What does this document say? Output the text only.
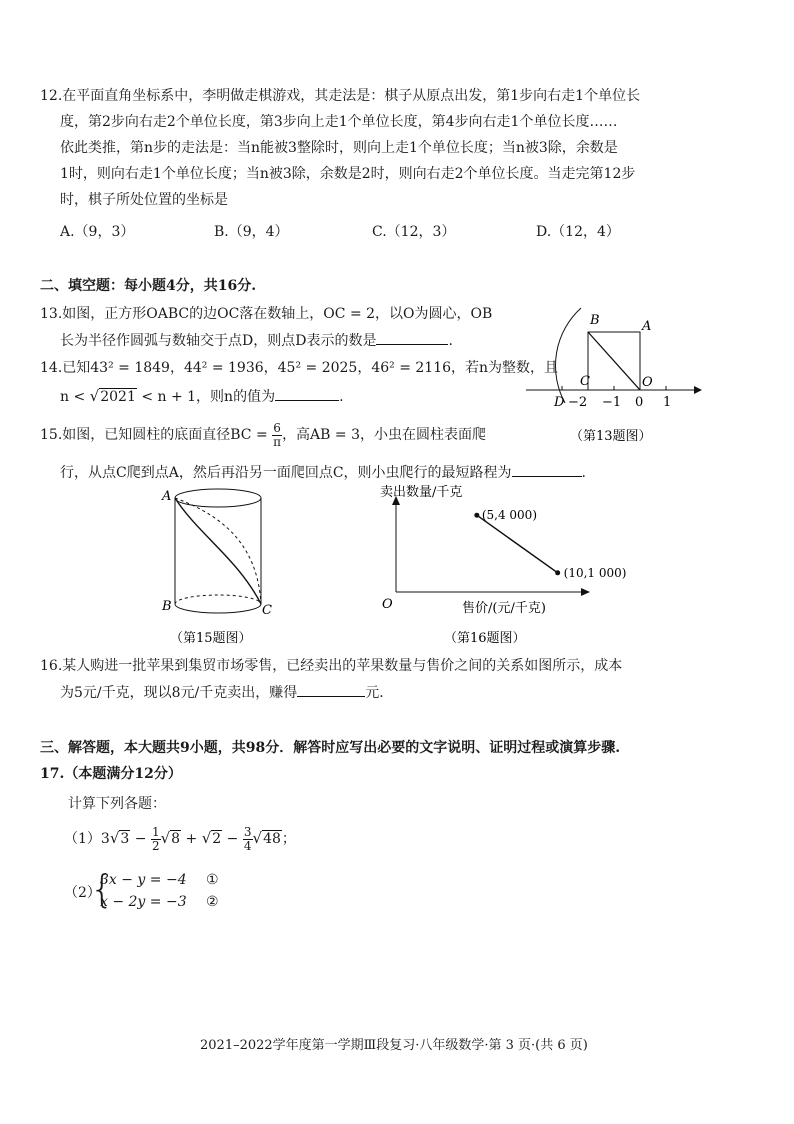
12.在平面直角坐标系中，李明做走棋游戏，其走法是：棋子从原点出发，第1步向右走1个单位长
度，第2步向右走2个单位长度，第3步向上走1个单位长度，第4步向右走1个单位长度……
依此类推，第n步的走法是：当n能被3整除时，则向上走1个单位长度；当n被3除，余数是
1时，则向右走1个单位长度；当n被3除，余数是2时，则向右走2个单位长度。当走完第12步
时，棋子所处位置的坐标是
A.（9，3）	B.（9，4）	C.（12，3）	D.（12，4）
二、填空题：每小题4分，共16分.
13.如图，正方形OABC的边OC落在数轴上，OC = 2，以O为圆心，OB
长为半径作圆弧与数轴交于点D，则点D表示的数是	.
14.已知43² = 1849，44² = 1936，45² = 2025，46² = 2116，若n为整数，且
n < √2021 < n + 1，则n的值为	.
15.如图，已知圆柱的底面直径BC = $\frac{6}{\pi}$ ，高AB = 3，小虫在圆柱表面爬
行，从点C爬到点A，然后再沿另一面爬回点C，则小虫爬行的最短路程为	.
B	A
C	O
D −2 −1 0 1
（第13题图）
A
B	C
（第15题图）
卖出数量/千克
售价/(元/千克)
O
(5,4 000)
(10,1 000)
（第16题图）
16.某人购进一批苹果到集贸市场零售，已经卖出的苹果数量与售价之间的关系如图所示，成本
为5元/千克，现以8元/千克卖出，赚得	元.
三、解答题，本大题共9小题，共98分．解答时应写出必要的文字说明、证明过程或演算步骤.
17.（本题满分12分）
计算下列各题：
$(1)3√3 - \frac{1}{2} √8 + √2 - \frac{3}{4} √48$；
（2）
{
3x − y = −4
x − 2y = −3
①
②
2021–2022学年度第一学期Ⅲ段复习·八年级数学·第 3 页·(共 6 页)
